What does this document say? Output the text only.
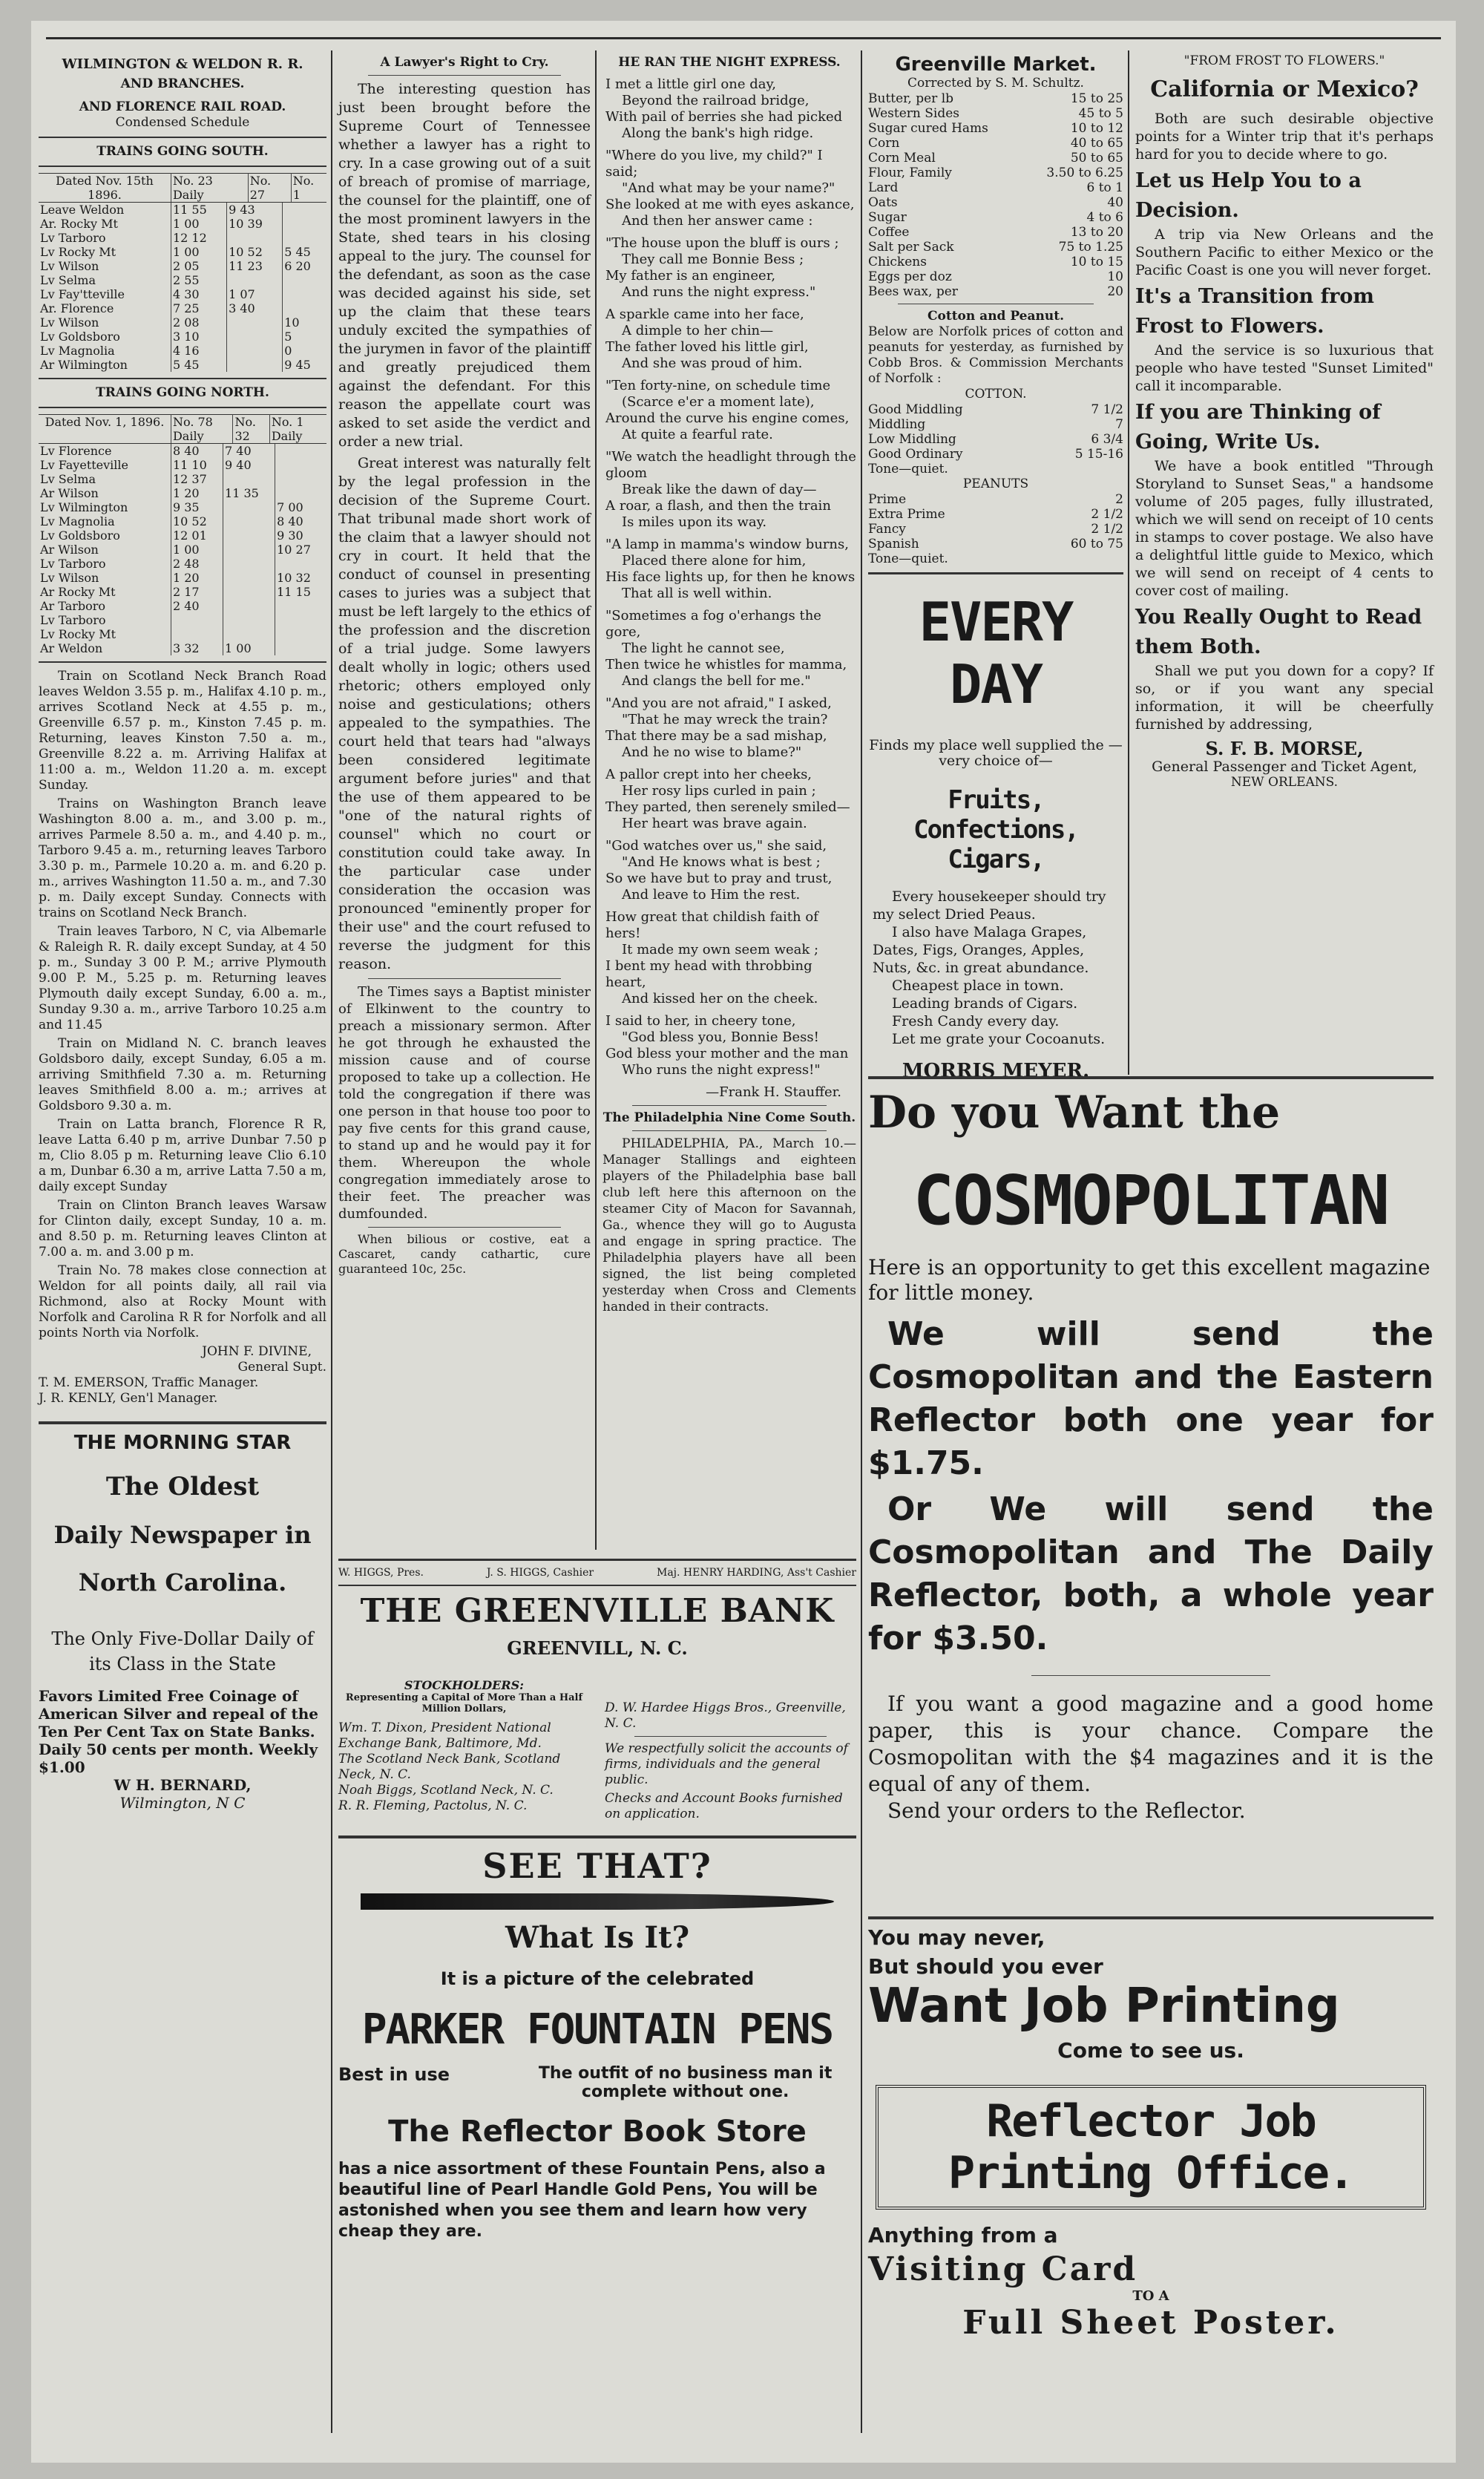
WILMINGTON & WELDON R. R.
AND BRANCHES.
AND FLORENCE RAIL ROAD.
Condensed Schedule
TRAINS GOING SOUTH.
Dated Nov. 15th 1896.	No. 23 Daily	No. 27	No. 1
Leave Weldon	11 55	9 43	
Ar. Rocky Mt	1 00	10 39	
Lv Tarboro	12 12		
Lv Rocky Mt	1 00	10 52	5 45
Lv Wilson	2 05	11 23	6 20
Lv Selma	2 55		
Lv Fay'tteville	4 30	1 07	
Ar. Florence	7 25	3 40	
Lv Wilson	2 08		10
Lv Goldsboro	3 10		5
Lv Magnolia	4 16		0
Ar Wilmington	5 45		9 45
TRAINS GOING NORTH.
Dated Nov. 1, 1896.	No. 78 Daily	No. 32	No. 1 Daily
Lv Florence	8 40	7 40	
Lv Fayetteville	11 10	9 40	
Lv Selma	12 37		
Ar Wilson	1 20	11 35	
Lv Wilmington	9 35		7 00
Lv Magnolia	10 52		8 40
Lv Goldsboro	12 01		9 30
Ar Wilson	1 00		10 27
Lv Tarboro	2 48		
Lv Wilson	1 20		10 32
Ar Rocky Mt	2 17		11 15
Ar Tarboro	2 40		
Lv Tarboro			
Lv Rocky Mt			
Ar Weldon	3 32	1 00	

Train on Scotland Neck Branch Road leaves Weldon 3.55 p. m., Halifax 4.10 p. m., arrives Scotland Neck at 4.55 p. m., Greenville 6.57 p. m., Kinston 7.45 p. m. Returning, leaves Kinston 7.50 a. m., Greenville 8.22 a. m. Arriving Halifax at 11:00 a. m., Weldon 11.20 a. m. except Sunday.

Trains on Washington Branch leave Washington 8.00 a. m., and 3.00 p. m., arrives Parmele 8.50 a. m., and 4.40 p. m., Tarboro 9.45 a. m., returning leaves Tarboro 3.30 p. m., Parmele 10.20 a. m. and 6.20 p. m., arrives Washington 11.50 a. m., and 7.30 p. m. Daily except Sunday. Connects with trains on Scotland Neck Branch.

Train leaves Tarboro, N C, via Albemarle & Raleigh R. R. daily except Sunday, at 4 50 p. m., Sunday 3 00 P. M.; arrive Plymouth 9.00 P. M., 5.25 p. m. Returning leaves Plymouth daily except Sunday, 6.00 a. m., Sunday 9.30 a. m., arrive Tarboro 10.25 a.m and 11.45

Train on Midland N. C. branch leaves Goldsboro daily, except Sunday, 6.05 a m. arriving Smithfield 7.30 a. m. Returning leaves Smithfield 8.00 a. m.; arrives at Goldsboro 9.30 a. m.

Train on Latta branch, Florence R R, leave Latta 6.40 p m, arrive Dunbar 7.50 p m, Clio 8.05 p m. Returning leave Clio 6.10 a m, Dunbar 6.30 a m, arrive Latta 7.50 a m, daily except Sunday

Train on Clinton Branch leaves Warsaw for Clinton daily, except Sunday, 10 a. m. and 8.50 p. m. Returning leaves Clinton at 7.00 a. m. and 3.00 p m.

Train No. 78 makes close connection at Weldon for all points daily, all rail via Richmond, also at Rocky Mount with Norfolk and Carolina R R for Norfolk and all points North via Norfolk.

JOHN F. DIVINE,
General Supt.
T. M. EMERSON, Traffic Manager.
J. R. KENLY, Gen'l Manager.
THE MORNING STAR
The Oldest
Daily Newspaper in
North Carolina.
The Only Five-Dollar Daily of its Class in the State
Favors Limited Free Coinage of American Silver and repeal of the Ten Per Cent Tax on State Banks. Daily 50 cents per month. Weekly $1.00
W H. BERNARD,
Wilmington, N C
A Lawyer's Right to Cry.

The interesting question has just been brought before the Supreme Court of Tennessee whether a lawyer has a right to cry. In a case growing out of a suit of breach of promise of marriage, the counsel for the plaintiff, one of the most prominent lawyers in the State, shed tears in his closing appeal to the jury. The counsel for the defendant, as soon as the case was decided against his side, set up the claim that these tears unduly excited the sympathies of the jurymen in favor of the plaintiff and greatly prejudiced them against the defendant. For this reason the appellate court was asked to set aside the verdict and order a new trial.

Great interest was naturally felt by the legal profession in the decision of the Supreme Court. That tribunal made short work of the claim that a lawyer should not cry in court. It held that the conduct of counsel in presenting cases to juries was a subject that must be left largely to the ethics of the profession and the discretion of a trial judge. Some lawyers dealt wholly in logic; others used rhetoric; others employed only noise and gesticulations; others appealed to the sympathies. The court held that tears had "always been considered legitimate argument before juries" and that the use of them appeared to be "one of the natural rights of counsel" which no court or constitution could take away. In the particular case under consideration the occasion was pronounced "eminently proper for their use" and the court refused to reverse the judgment for this reason.

The Times says a Baptist minister of Elkinwent to the country to preach a missionary sermon. After he got through he exhausted the mission cause and of course proposed to take up a collection. He told the congregation if there was one person in that house too poor to pay five cents for this grand cause, to stand up and he would pay it for them. Whereupon the whole congregation immediately arose to their feet. The preacher was dumfounded.

When bilious or costive, eat a Cascaret, candy cathartic, cure guaranteed 10c, 25c.

HE RAN THE NIGHT EXPRESS.
I met a little girl one day,
Beyond the railroad bridge,
With pail of berries she had picked
Along the bank's high ridge.
"Where do you live, my child?" I said;
"And what may be your name?"
She looked at me with eyes askance,
And then her answer came :
"The house upon the bluff is ours ;
They call me Bonnie Bess ;
My father is an engineer,
And runs the night express."
A sparkle came into her face,
A dimple to her chin—
The father loved his little girl,
And she was proud of him.
"Ten forty-nine, on schedule time
(Scarce e'er a moment late),
Around the curve his engine comes,
At quite a fearful rate.
"We watch the headlight through the gloom
Break like the dawn of day—
A roar, a flash, and then the train
Is miles upon its way.
"A lamp in mamma's window burns,
Placed there alone for him,
His face lights up, for then he knows
That all is well within.
"Sometimes a fog o'erhangs the gore,
The light he cannot see,
Then twice he whistles for mamma,
And clangs the bell for me."
"And you are not afraid," I asked,
"That he may wreck the train?
That there may be a sad mishap,
And he no wise to blame?"
A pallor crept into her cheeks,
Her rosy lips curled in pain ;
They parted, then serenely smiled—
Her heart was brave again.
"God watches over us," she said,
"And He knows what is best ;
So we have but to pray and trust,
And leave to Him the rest.
How great that childish faith of hers!
It made my own seem weak ;
I bent my head with throbbing heart,
And kissed her on the cheek.
I said to her, in cheery tone,
"God bless you, Bonnie Bess!
God bless your mother and the man
Who runs the night express!"
—Frank H. Stauffer.
The Philadelphia Nine Come South.

PHILADELPHIA, PA., March 10.—Manager Stallings and eighteen players of the Philadelphia base ball club left here this afternoon on the steamer City of Macon for Savannah, Ga., whence they will go to Augusta and engage in spring practice. The Philadelphia players have all been signed, the list being completed yesterday when Cross and Clements handed in their contracts.

W. HIGGS, Pres.	J. S. HIGGS, Cashier	Maj. HENRY HARDING, Ass't Cashier
THE GREENVILLE BANK
GREENVILL, N. C.
STOCKHOLDERS:
Representing a Capital of More Than a Half Million Dollars,
Wm. T. Dixon, President National Exchange Bank, Baltimore, Md.
The Scotland Neck Bank, Scotland Neck, N. C.
Noah Biggs, Scotland Neck, N. C.
R. R. Fleming, Pactolus, N. C.
D. W. Hardee Higgs Bros., Greenville, N. C.
We respectfully solicit the accounts of firms, individuals and the general public.
Checks and Account Books furnished on application.
SEE THAT?
What Is It?
It is a picture of the celebrated
PARKER FOUNTAIN PENS
Best in use	The outfit of no business man it complete without one.
The Reflector Book Store
has a nice assortment of these Fountain Pens, also a beautiful line of Pearl Handle Gold Pens, You will be astonished when you see them and learn how very cheap they are.
Greenville Market.
Corrected by S. M. Schultz.
Butter, per lb	15 to 25
Western Sides	45 to 5
Sugar cured Hams	10 to 12
Corn	40 to 65
Corn Meal	50 to 65
Flour, Family	3.50 to 6.25
Lard	6 to 1
Oats	40
Sugar	4 to 6
Coffee	13 to 20
Salt per Sack	75 to 1.25
Chickens	10 to 15
Eggs per doz	10
Bees wax, per	20
Cotton and Peanut.
Below are Norfolk prices of cotton and peanuts for yesterday, as furnished by Cobb Bros. & Commission Merchants of Norfolk :
COTTON.
Good Middling	7 1/2
Middling	7
Low Middling	6 3/4
Good Ordinary	5 15-16
Tone—quiet.	
PEANUTS
Prime	2
Extra Prime	2 1/2
Fancy	2 1/2
Spanish	60 to 75
Tone—quiet.	
EVERY DAY
Finds my place well supplied the —very choice of—
Fruits, Confections, Cigars,
Every housekeeper should try my select Dried Peaus.
I also have Malaga Grapes, Dates, Figs, Oranges, Apples, Nuts, &c. in great abundance.
Cheapest place in town.
Leading brands of Cigars.
Fresh Candy every day.
Let me grate your Cocoanuts.
MORRIS MEYER.
"FROM FROST TO FLOWERS."
California or Mexico?

Both are such desirable objective points for a Winter trip that it's perhaps hard for you to decide where to go.

Let us Help You to a Decision.

A trip via New Orleans and the Southern Pacific to either Mexico or the Pacific Coast is one you will never forget.

It's a Transition from Frost to Flowers.

And the service is so luxurious that people who have tested "Sunset Limited" call it incomparable.

If you are Thinking of Going, Write Us.

We have a book entitled "Through Storyland to Sunset Seas," a handsome volume of 205 pages, fully illustrated, which we will send on receipt of 10 cents in stamps to cover postage. We also have a delightful little guide to Mexico, which we will send on receipt of 4 cents to cover cost of mailing.

You Really Ought to Read them Both.

Shall we put you down for a copy? If so, or if you want any special information, it will be cheerfully furnished by addressing,

S. F. B. MORSE,
General Passenger and Ticket Agent,
NEW ORLEANS.
Do you Want the
COSMOPOLITAN
Here is an opportunity to get this excellent magazine for little money.
We will send the Cosmopolitan and the Eastern Reflector both one year for $1.75.
Or We will send the Cosmopolitan and The Daily Reflector, both, a whole year for $3.50.
If you want a good magazine and a good home paper, this is your chance. Compare the Cosmopolitan with the $4 magazines and it is the equal of any of them.
Send your orders to the Reflector.
You may never,
But should you ever
Want Job Printing
Come to see us.
Reflector Job Printing Office.
Anything from a
Visiting Card
TO A
Full Sheet Poster.
